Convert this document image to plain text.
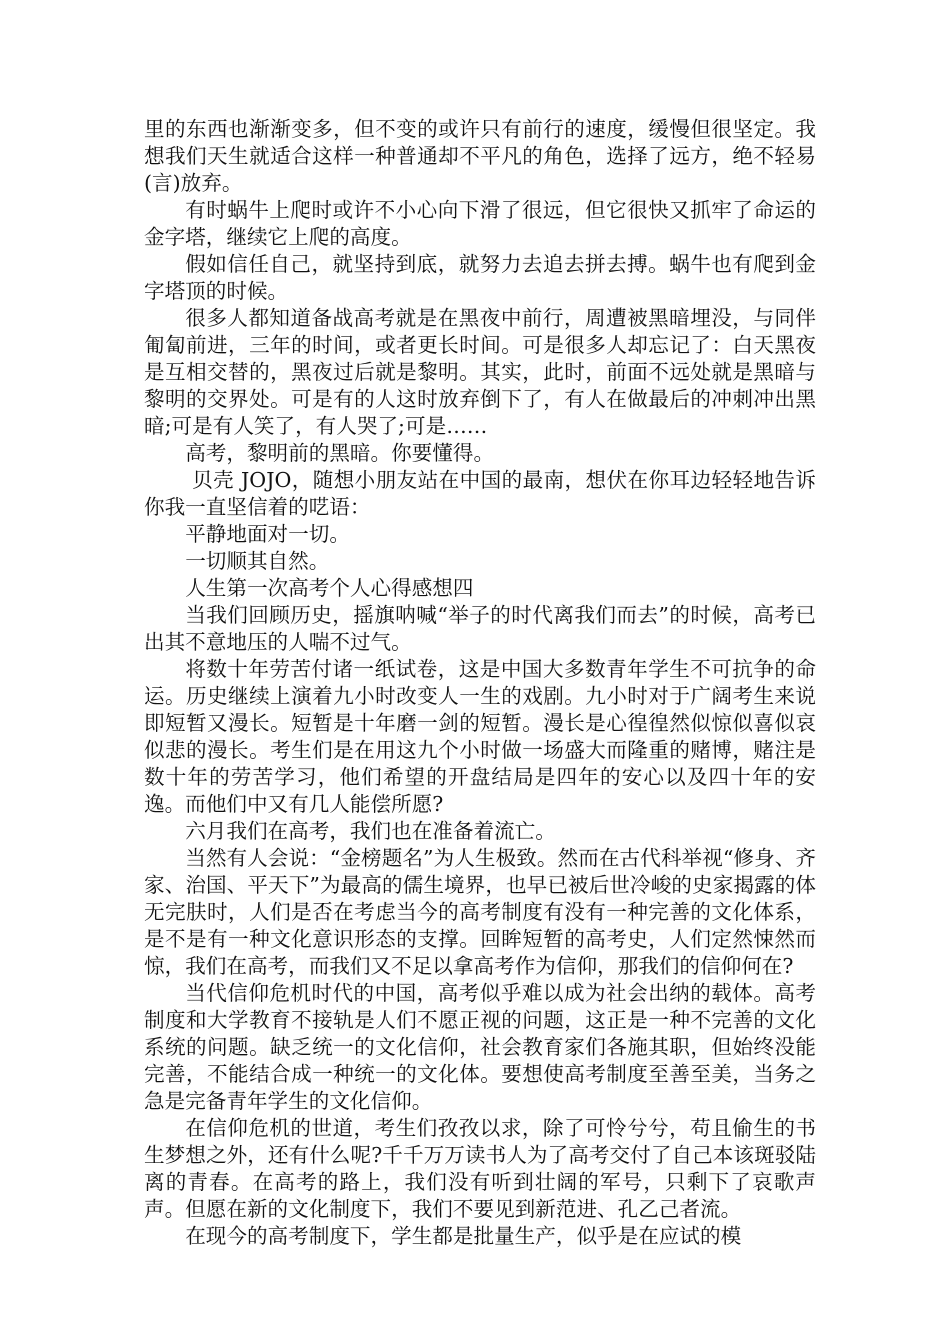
里的东西也渐渐变多，但不变的或许只有前行的速度，缓慢但很坚定。我想我们天生就适合这样一种普通却不平凡的角色，选择了远方，绝不轻易(言)放弃。

有时蜗牛上爬时或许不小心向下滑了很远，但它很快又抓牢了命运的金字塔，继续它上爬的高度。

假如信任自己，就坚持到底，就努力去追去拼去搏。蜗牛也有爬到金字塔顶的时候。

很多人都知道备战高考就是在黑夜中前行，周遭被黑暗埋没，与同伴匍匐前进，三年的时间，或者更长时间。可是很多人却忘记了：白天黑夜是互相交替的，黑夜过后就是黎明。其实，此时，前面不远处就是黑暗与黎明的交界处。可是有的人这时放弃倒下了，有人在做最后的冲刺冲出黑暗;可是有人笑了，有人哭了;可是……

高考，黎明前的黑暗。你要懂得。

贝壳 JOJO，随想小朋友站在中国的最南，想伏在你耳边轻轻地告诉你我一直坚信着的呓语：

平静地面对一切。

一切顺其自然。

人生第一次高考个人心得感想四

当我们回顾历史，摇旗呐喊“举子的时代离我们而去”的时候，高考已出其不意地压的人喘不过气。

将数十年劳苦付诸一纸试卷，这是中国大多数青年学生不可抗争的命运。历史继续上演着九小时改变人一生的戏剧。九小时对于广阔考生来说即短暂又漫长。短暂是十年磨一剑的短暂。漫长是心徨徨然似惊似喜似哀似悲的漫长。考生们是在用这九个小时做一场盛大而隆重的赌博，赌注是数十年的劳苦学习，他们希望的开盘结局是四年的安心以及四十年的安逸。而他们中又有几人能偿所愿?

六月我们在高考，我们也在准备着流亡。

当然有人会说：“金榜题名”为人生极致。然而在古代科举视“修身、齐家、治国、平天下”为最高的儒生境界，也早已被后世冷峻的史家揭露的体无完肤时，人们是否在考虑当今的高考制度有没有一种完善的文化体系，是不是有一种文化意识形态的支撑。回眸短暂的高考史，人们定然悚然而惊，我们在高考，而我们又不足以拿高考作为信仰，那我们的信仰何在?

当代信仰危机时代的中国，高考似乎难以成为社会出纳的载体。高考制度和大学教育不接轨是人们不愿正视的问题，这正是一种不完善的文化系统的问题。缺乏统一的文化信仰，社会教育家们各施其职，但始终没能完善，不能结合成一种统一的文化体。要想使高考制度至善至美，当务之急是完备青年学生的文化信仰。

在信仰危机的世道，考生们孜孜以求，除了可怜兮兮，苟且偷生的书生梦想之外，还有什么呢?千千万万读书人为了高考交付了自己本该斑驳陆离的青春。在高考的路上，我们没有听到壮阔的军号，只剩下了哀歌声声。但愿在新的文化制度下，我们不要见到新范进、孔乙己者流。

在现今的高考制度下，学生都是批量生产，似乎是在应试的模
